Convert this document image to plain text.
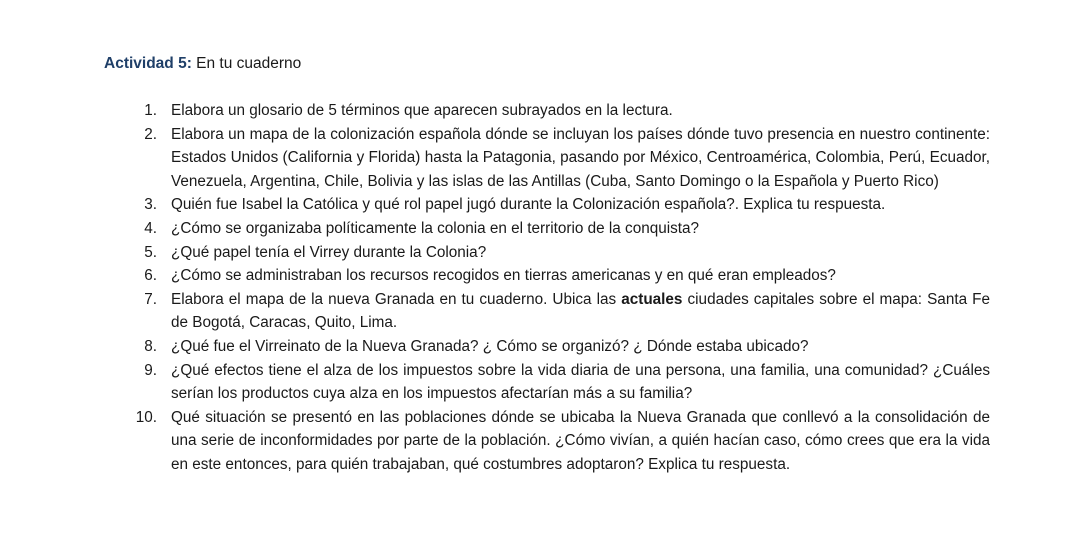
Actividad 5: En tu cuaderno
1. Elabora un glosario de 5 términos que aparecen subrayados en la lectura.
2. Elabora un mapa de la colonización española dónde se incluyan los países dónde tuvo presencia en nuestro continente: Estados Unidos (California y Florida) hasta la Patagonia, pasando por México, Centroamérica, Colombia, Perú, Ecuador, Venezuela, Argentina, Chile, Bolivia y las islas de las Antillas (Cuba, Santo Domingo o la Española y Puerto Rico)
3. Quién fue Isabel la Católica y qué rol papel jugó durante la Colonización española?. Explica tu respuesta.
4. ¿Cómo se organizaba políticamente la colonia en el territorio de la conquista?
5. ¿Qué papel tenía el Virrey durante la Colonia?
6. ¿Cómo se administraban los recursos recogidos en tierras americanas y en qué eran empleados?
7. Elabora el mapa de la nueva Granada en tu cuaderno. Ubica las actuales ciudades capitales sobre el mapa: Santa Fe de Bogotá, Caracas, Quito, Lima.
8. ¿Qué fue el Virreinato de la Nueva Granada? ¿ Cómo se organizó? ¿ Dónde estaba ubicado?
9. ¿Qué efectos tiene el alza de los impuestos sobre la vida diaria de una persona, una familia, una comunidad? ¿Cuáles serían los productos cuya alza en los impuestos afectarían más a su familia?
10. Qué situación se presentó en las poblaciones dónde se ubicaba la Nueva Granada que conllevó a la consolidación de una serie de inconformidades por parte de la población. ¿Cómo vivían, a quién hacían caso, cómo crees que era la vida en este entonces, para quién trabajaban, qué costumbres adoptaron? Explica tu respuesta.
